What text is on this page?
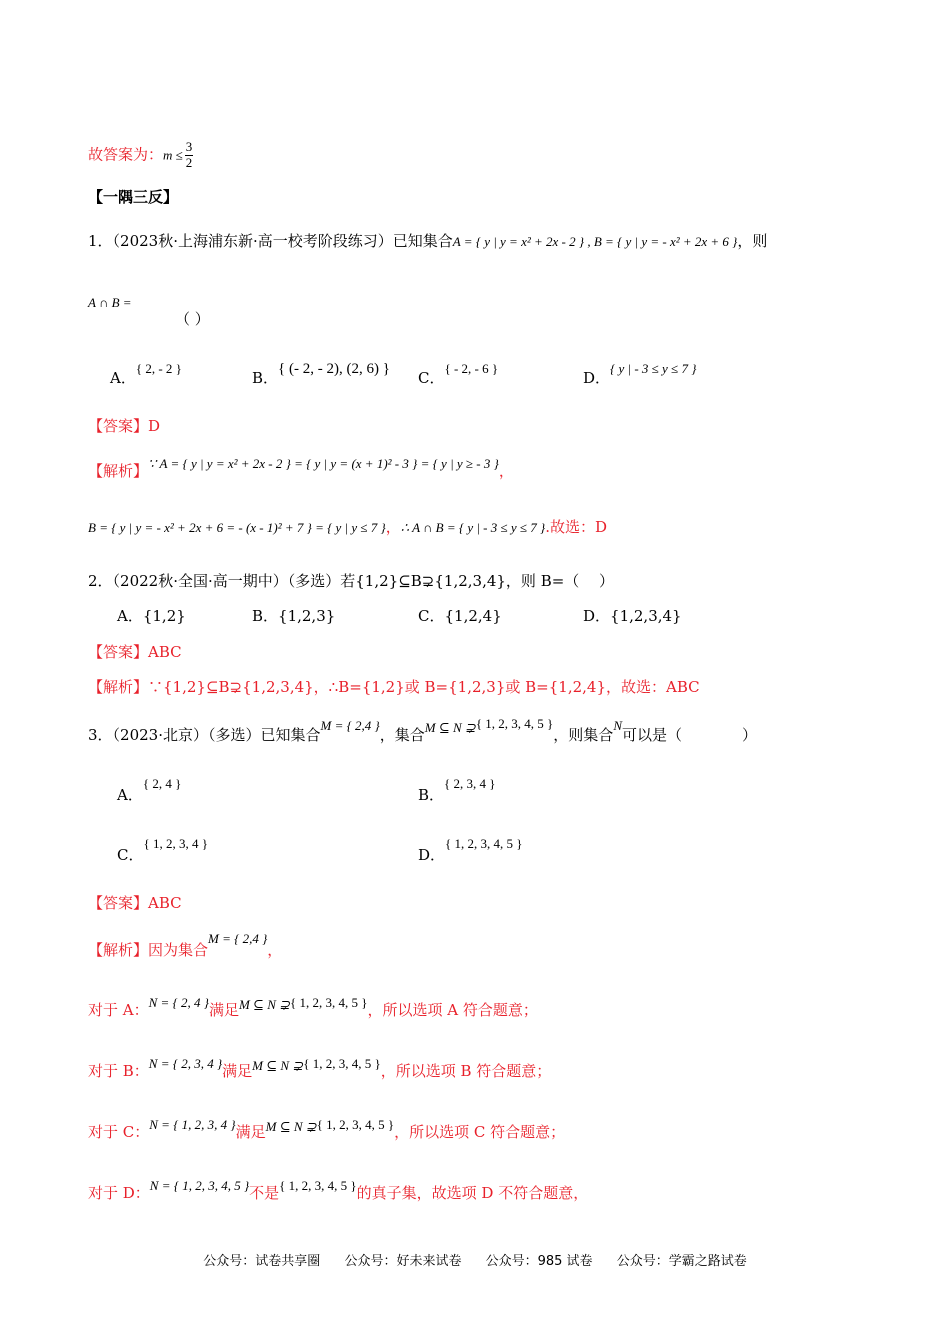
故答案为：$m \le \frac{3}{2}$
【一隅三反】
1．（2023秋·上海浦东新·高一校考阶段练习）已知集合A = { y | y = x² + 2x - 2 } , B = { y | y = - x² + 2x + 6 }，则
A ∩ B =
（ ）
A．{ 2, - 2 }
B．{ (- 2, - 2), (2, 6) } C．{ - 2, - 6 }
D．{ y | - 3 ≤ y ≤ 7 }
【答案】D
【解析】∵ A = { y | y = x² + 2x - 2 } = { y | y = (x + 1)² - 3 } = { y | y ≥ - 3 }，
B = { y | y = - x² + 2x + 6 = - (x - 1)² + 7 } = { y | y ≤ 7 }，∴ A ∩ B = { y | - 3 ≤ y ≤ 7 }.故选：D
2．（2022秋·全国·高一期中）（多选）若{1,2}⊆B⊋{1,2,3,4}，则 B=（　 ）
A．{1,2}	B．{1,2,3}	C．{1,2,4}	D．{1,2,3,4}
【答案】ABC
【解析】∵{1,2}⊆B⊋{1,2,3,4}，∴B={1,2}或 B={1,2,3}或 B={1,2,4}，故选：ABC
3．（2023·北京）（多选）已知集合M = { 2,4 }，集合M ⊆ N ⊋{ 1, 2, 3, 4, 5 }，则集合N可以是（　　　　）
A．{ 2, 4 }
B．{ 2, 3, 4 }
C．{ 1, 2, 3, 4 }
D．{ 1, 2, 3, 4, 5 }
【答案】ABC
【解析】因为集合M = { 2,4 }，
对于 A：N = { 2, 4 }满足M ⊆ N ⊋{ 1, 2, 3, 4, 5 }，所以选项 A 符合题意；
对于 B：N = { 2, 3, 4 }满足M ⊆ N ⊋{ 1, 2, 3, 4, 5 }，所以选项 B 符合题意；
对于 C：N = { 1, 2, 3, 4 }满足M ⊆ N ⊋{ 1, 2, 3, 4, 5 }，所以选项 C 符合题意；
对于 D：N = { 1, 2, 3, 4, 5 }不是{ 1, 2, 3, 4, 5 }的真子集，故选项 D 不符合题意，
公众号：试卷共享圈 公众号：好未来试卷 公众号：985 试卷 公众号：学霸之路试卷
